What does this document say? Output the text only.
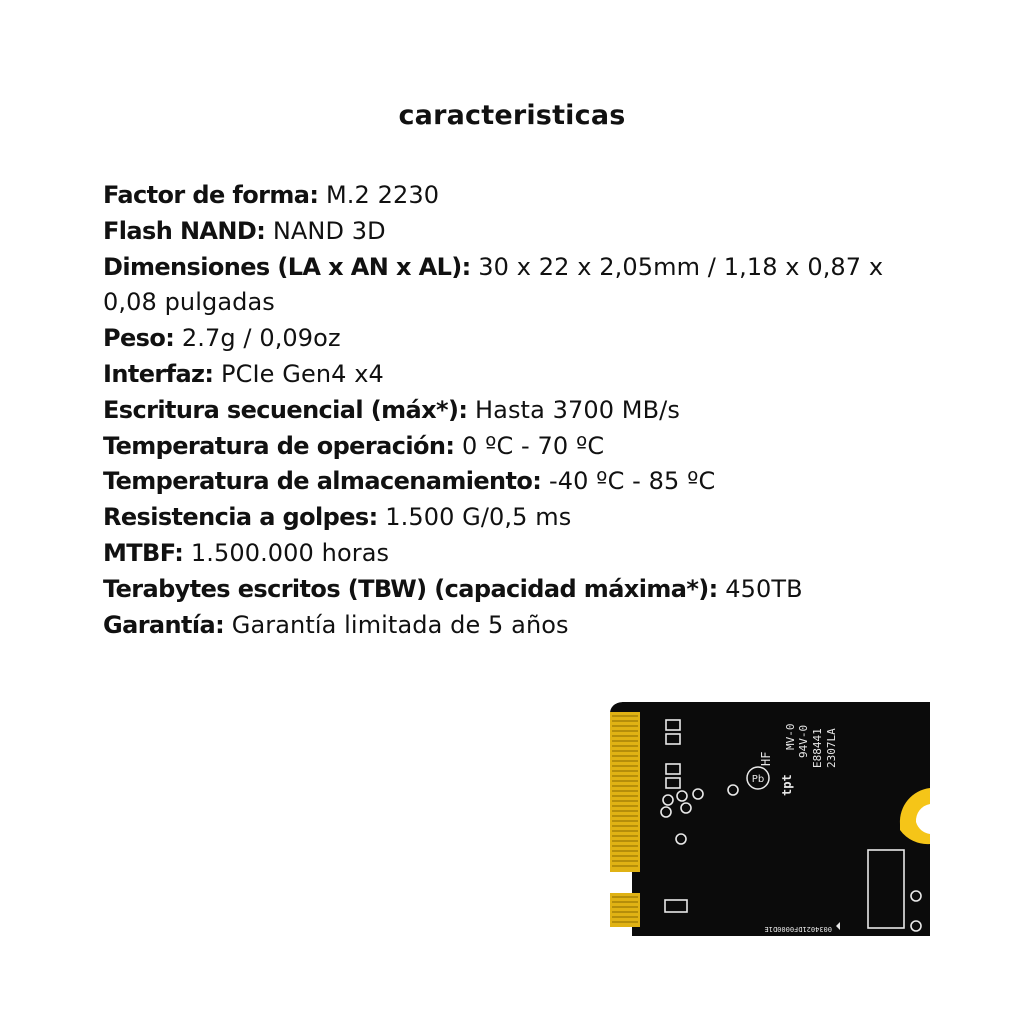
caracteristicas
Factor de forma: M.2 2230
Flash NAND: NAND 3D
Dimensiones (LA x AN x AL): 30 x 22 x 2,05mm / 1,18 x 0,87 x 0,08 pulgadas
Peso: 2.7g / 0,09oz
Interfaz: PCIe Gen4 x4
Escritura secuencial (máx*): Hasta 3700 MB/s
Temperatura de operación: 0 ºC - 70 ºC
Temperatura de almacenamiento: -40 ºC - 85 ºC
Resistencia a golpes: 1.500 G/0,5 ms
MTBF: 1.500.000 horas
Terabytes escritos (TBW) (capacidad máxima*): 450TB
Garantía: Garantía limitada de 5 años
Pb
HF
tpt
MV-0 94V-0 E88441 2307LA
0034021DF0000D1E
